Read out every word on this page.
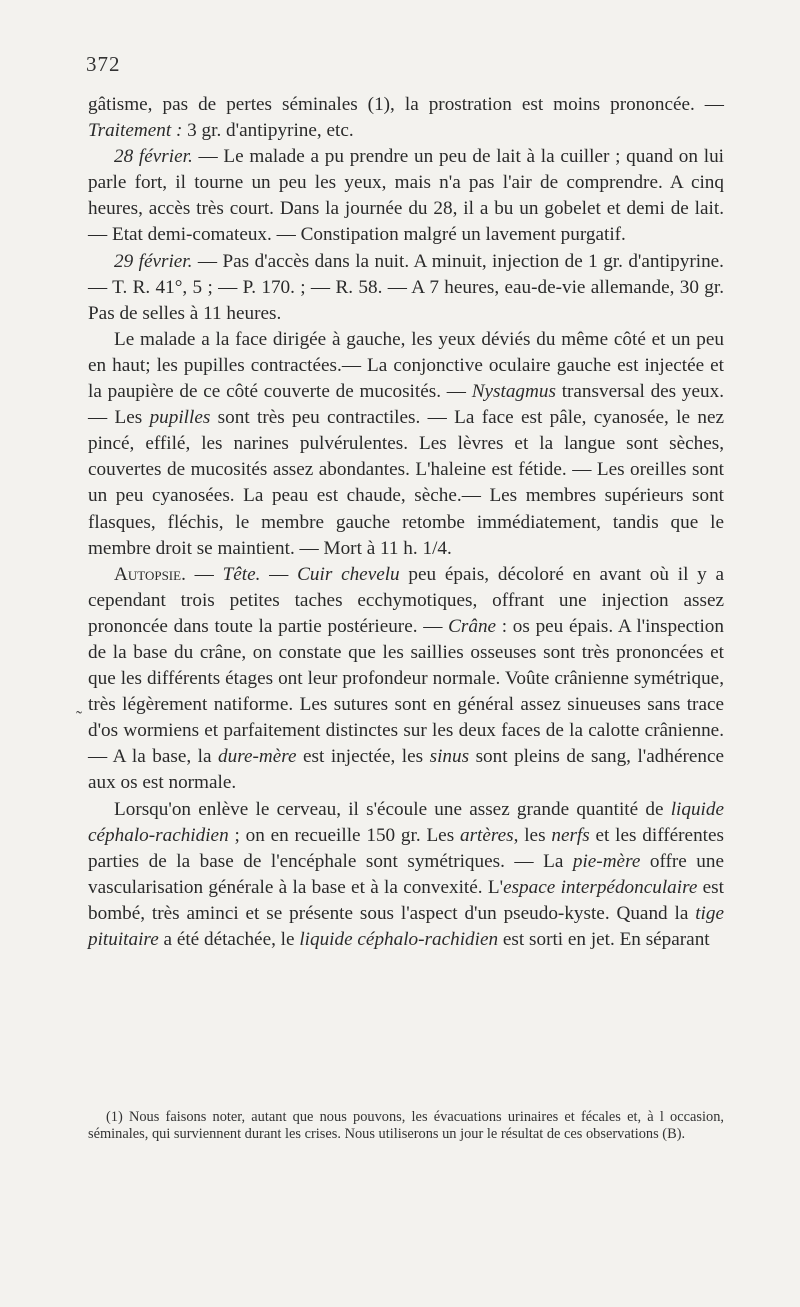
372
˷

gâtisme, pas de pertes séminales (1), la prostration est moins prononcée. — Traitement : 3 gr. d'antipyrine, etc.

28 février. — Le malade a pu prendre un peu de lait à la cuiller ; quand on lui parle fort, il tourne un peu les yeux, mais n'a pas l'air de comprendre. A cinq heures, accès très court. Dans la journée du 28, il a bu un gobelet et demi de lait. — Etat demi-comateux. — Constipation malgré un lavement purgatif.

29 février. — Pas d'accès dans la nuit. A minuit, injection de 1 gr. d'antipyrine. — T. R. 41°, 5 ; — P. 170. ; — R. 58. — A 7 heures, eau-de-vie allemande, 30 gr. Pas de selles à 11 heures.

Le malade a la face dirigée à gauche, les yeux déviés du même côté et un peu en haut; les pupilles contractées.— La conjonctive oculaire gauche est injectée et la paupière de ce côté couverte de mucosités. — Nystagmus transversal des yeux. — Les pupilles sont très peu contractiles. — La face est pâle, cyanosée, le nez pincé, effilé, les narines pulvérulentes. Les lèvres et la langue sont sèches, couvertes de mucosités assez abondantes. L'haleine est fétide. — Les oreilles sont un peu cyanosées. La peau est chaude, sèche.— Les membres supérieurs sont flasques, fléchis, le membre gauche retombe immédiatement, tandis que le membre droit se maintient. — Mort à 11 h. 1/4.

Autopsie. — Tête. — Cuir chevelu peu épais, décoloré en avant où il y a cependant trois petites taches ecchymotiques, offrant une injection assez prononcée dans toute la partie postérieure. — Crâne : os peu épais. A l'inspection de la base du crâne, on constate que les saillies osseuses sont très prononcées et que les différents étages ont leur profondeur normale. Voûte crânienne symétrique, très légèrement natiforme. Les sutures sont en général assez sinueuses sans trace d'os wormiens et parfaitement distinctes sur les deux faces de la calotte crânienne. — A la base, la dure-mère est injectée, les sinus sont pleins de sang, l'adhérence aux os est normale.

Lorsqu'on enlève le cerveau, il s'écoule une assez grande quantité de liquide céphalo-rachidien ; on en recueille 150 gr. Les artères, les nerfs et les différentes parties de la base de l'encéphale sont symétriques. — La pie-mère offre une vascularisation générale à la base et à la convexité. L'espace interpédonculaire est bombé, très aminci et se présente sous l'aspect d'un pseudo-kyste. Quand la tige pituitaire a été détachée, le liquide céphalo-rachidien est sorti en jet. En séparant

(1) Nous faisons noter, autant que nous pouvons, les évacuations urinaires et fécales et, à l occasion, séminales, qui surviennent durant les crises. Nous utiliserons un jour le résultat de ces observations (B).
